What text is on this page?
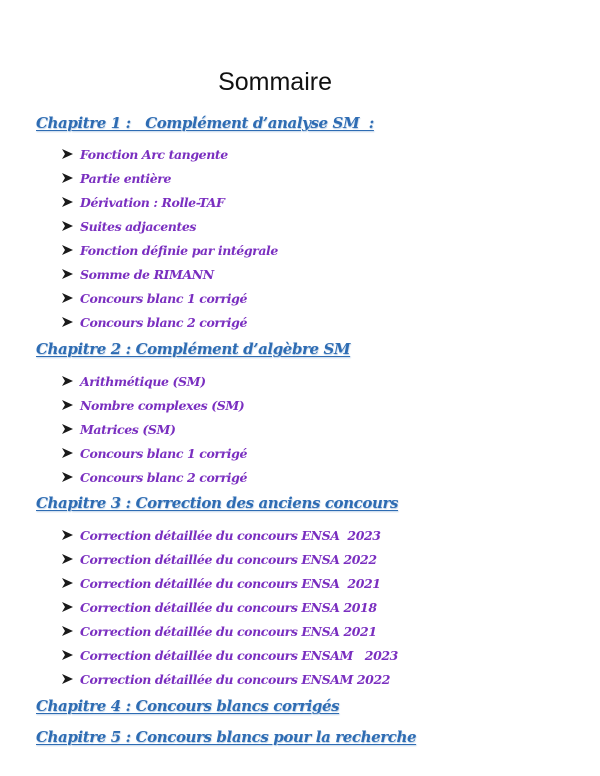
Sommaire
Chapitre 1 :   Complément d’analyse SM  :
Fonction Arc tangente
Partie entière
Dérivation : Rolle-TAF
Suites adjacentes
Fonction définie par intégrale
Somme de RIMANN
Concours blanc 1 corrigé
Concours blanc 2 corrigé
Chapitre 2 : Complément d’algèbre SM
Arithmétique (SM)
Nombre complexes (SM)
Matrices (SM)
Concours blanc 1 corrigé
Concours blanc 2 corrigé
Chapitre 3 : Correction des anciens concours
Correction détaillée du concours ENSA  2023
Correction détaillée du concours ENSA 2022
Correction détaillée du concours ENSA  2021
Correction détaillée du concours ENSA 2018
Correction détaillée du concours ENSA 2021
Correction détaillée du concours ENSAM   2023
Correction détaillée du concours ENSAM 2022
Chapitre 4 : Concours blancs corrigés
Chapitre 5 : Concours blancs pour la recherche
